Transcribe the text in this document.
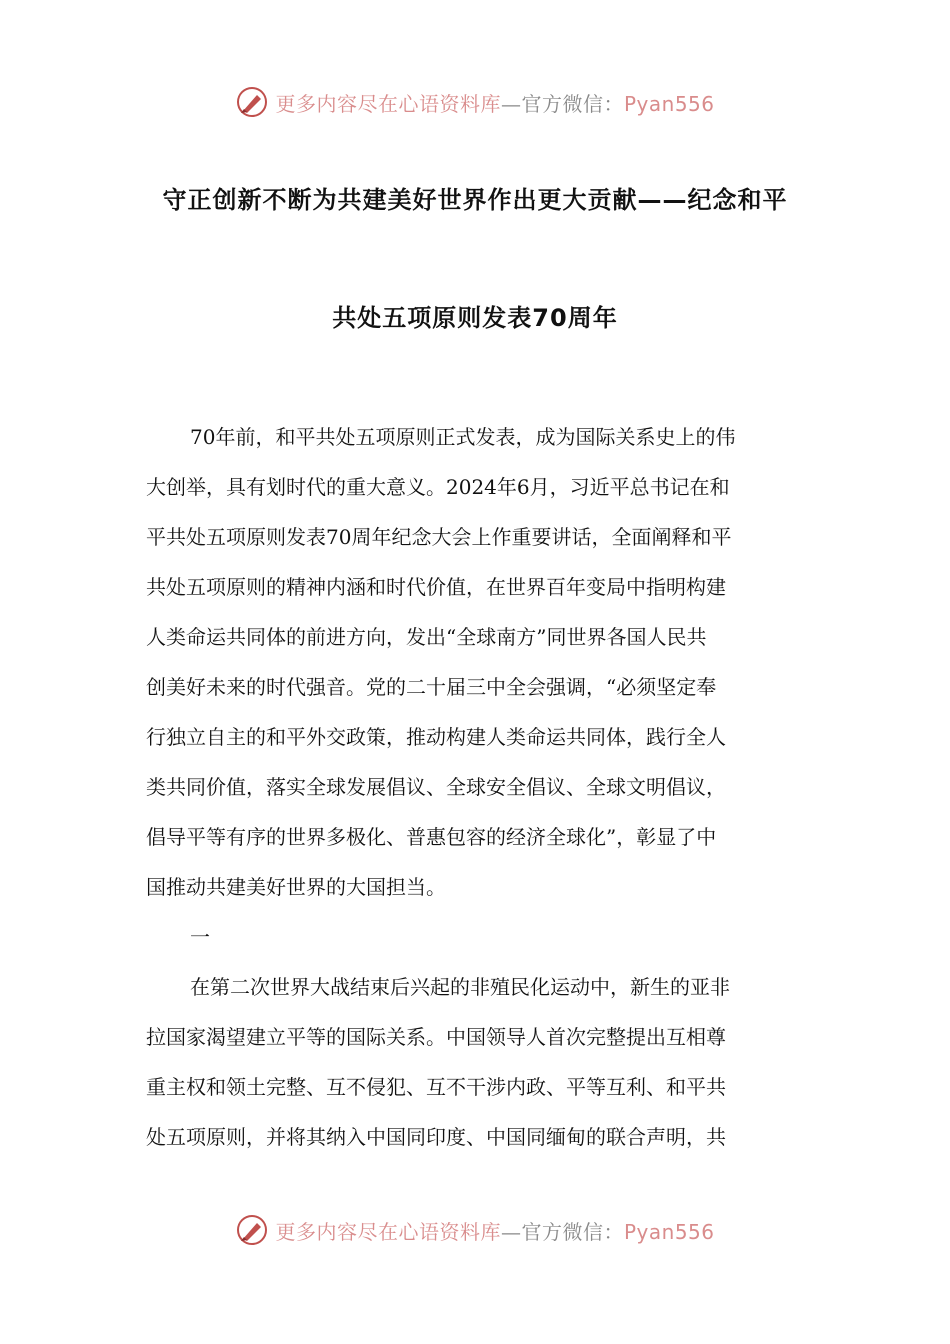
更多内容尽在心语资料库—官方微信：Pyan556
守正创新不断为共建美好世界作出更大贡献——纪念和平
共处五项原则发表70周年
70年前，和平共处五项原则正式发表，成为国际关系史上的伟
大创举，具有划时代的重大意义。2024年6月，习近平总书记在和
平共处五项原则发表70周年纪念大会上作重要讲话，全面阐释和平
共处五项原则的精神内涵和时代价值，在世界百年变局中指明构建
人类命运共同体的前进方向，发出“全球南方”同世界各国人民共
创美好未来的时代强音。党的二十届三中全会强调，“必须坚定奉
行独立自主的和平外交政策，推动构建人类命运共同体，践行全人
类共同价值，落实全球发展倡议、全球安全倡议、全球文明倡议，
倡导平等有序的世界多极化、普惠包容的经济全球化”，彰显了中
国推动共建美好世界的大国担当。
一
在第二次世界大战结束后兴起的非殖民化运动中，新生的亚非
拉国家渴望建立平等的国际关系。中国领导人首次完整提出互相尊
重主权和领土完整、互不侵犯、互不干涉内政、平等互利、和平共
处五项原则，并将其纳入中国同印度、中国同缅甸的联合声明，共
更多内容尽在心语资料库—官方微信：Pyan556
